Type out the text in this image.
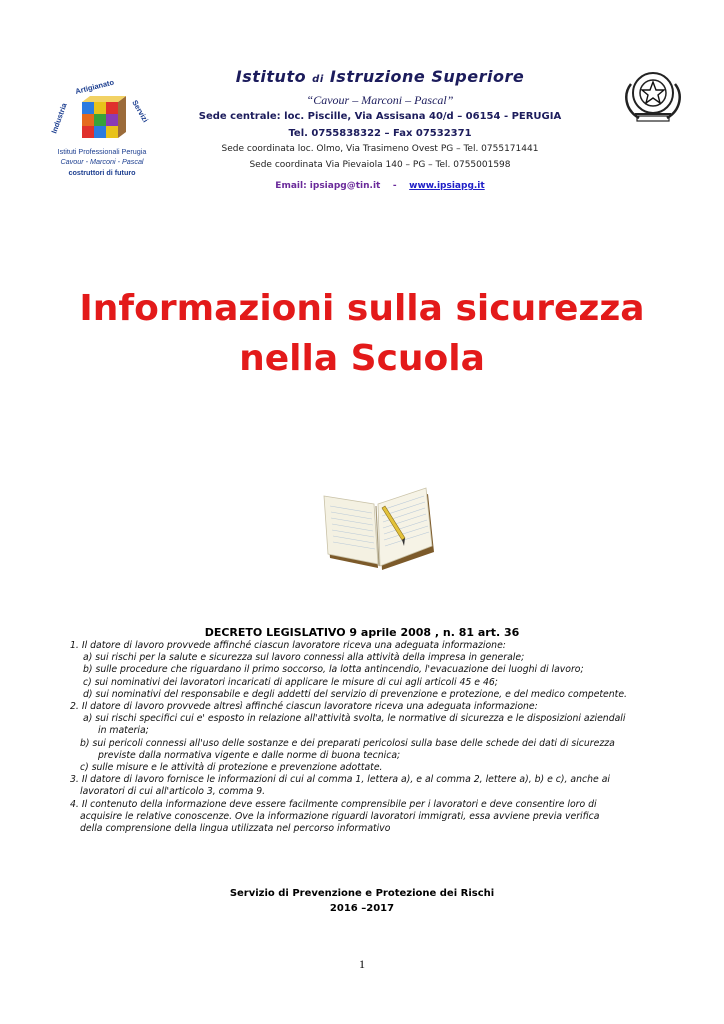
Industria
Artigianato
Servizi
Istituti Professionali Perugia
Cavour - Marconi - Pascal
costruttori di futuro
Istituto di Istruzione Superiore
“Cavour – Marconi – Pascal”
Sede centrale: loc. Piscille, Via Assisana 40/d – 06154 - PERUGIA
Tel. 0755838322 – Fax 07532371
Sede coordinata loc. Olmo, Via Trasimeno Ovest PG – Tel. 0755171441
Sede coordinata Via Pievaiola 140 – PG – Tel. 0755001598
Email: ipsiapg@tin.it - www.ipsiapg.it
Informazioni sulla sicurezza
nella Scuola
DECRETO LEGISLATIVO 9 aprile 2008 , n. 81 art. 36
1. Il datore di lavoro provvede affinché ciascun lavoratore riceva una adeguata informazione:
a) sui rischi per la salute e sicurezza sul lavoro connessi alla attività della impresa in generale;
b) sulle procedure che riguardano il primo soccorso, la lotta antincendio, l'evacuazione dei luoghi di lavoro;
c) sui nominativi dei lavoratori incaricati di applicare le misure di cui agli articoli 45 e 46;
d) sui nominativi del responsabile e degli addetti del servizio di prevenzione e protezione, e del medico competente.
2. Il datore di lavoro provvede altresì affinché ciascun lavoratore riceva una adeguata informazione:
a) sui rischi specifici cui e' esposto in relazione all'attività svolta, le normative di sicurezza e le disposizioni aziendali
in materia;
b) sui pericoli connessi all'uso delle sostanze e dei preparati pericolosi sulla base delle schede dei dati di sicurezza
previste dalla normativa vigente e dalle norme di buona tecnica;
c) sulle misure e le attività di protezione e prevenzione adottate.
3. Il datore di lavoro fornisce le informazioni di cui al comma 1, lettera a), e al comma 2, lettere a), b) e c), anche ai
lavoratori di cui all'articolo 3, comma 9.
4. Il contenuto della informazione deve essere facilmente comprensibile per i lavoratori e deve consentire loro di
acquisire le relative conoscenze. Ove la informazione riguardi lavoratori immigrati, essa avviene previa verifica
della comprensione della lingua utilizzata nel percorso informativo
Servizio di Prevenzione e Protezione dei Rischi
2016 –2017
1
